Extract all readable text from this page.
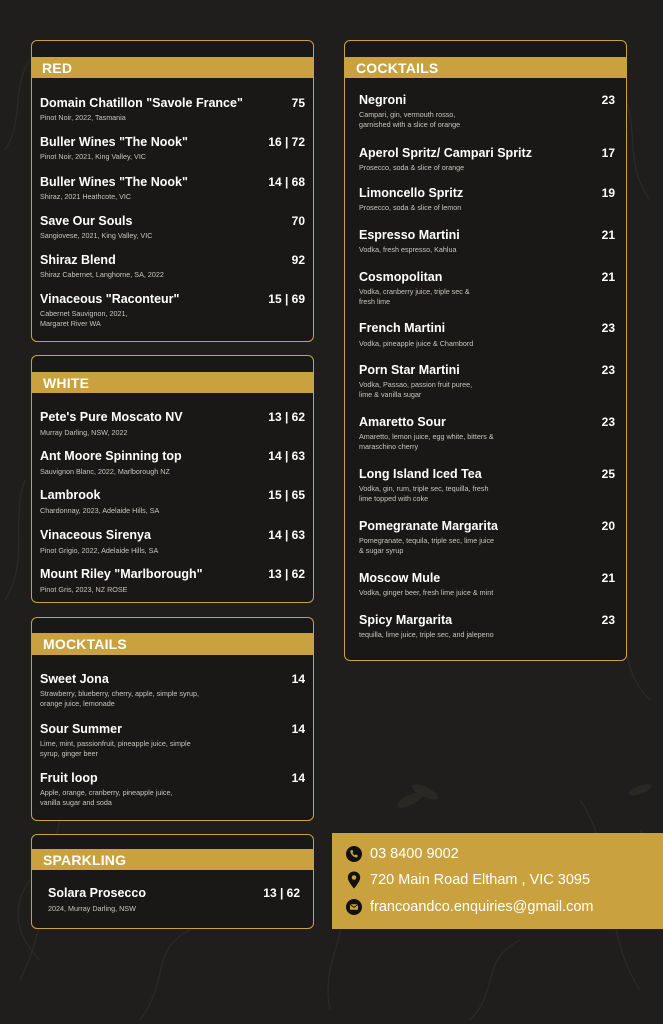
RED
Domain Chatillon "Savole France"
Pinot Noir, 2022, Tasmania
75
Buller Wines "The Nook"
Pinot Noir, 2021, King Valley, VIC
16 | 72
Buller Wines "The Nook"
Shiraz, 2021 Heathcote, VIC
14 | 68
Save Our Souls
Sangiovese, 2021, King Valley, VIC
70
Shiraz Blend
Shiraz Cabernet, Langhorne, SA, 2022
92
Vinaceous "Raconteur"
Cabernet Sauvignon, 2021,
Margaret River WA
15 | 69
WHITE
Pete's Pure Moscato NV
Murray Darling, NSW, 2022
13 | 62
Ant Moore Spinning top
Sauvignon Blanc, 2022, Marlborough NZ
14 | 63
Lambrook
Chardonnay, 2023, Adelaide Hills, SA
15 | 65
Vinaceous Sirenya
Pinot Grigio, 2022, Adelaide Hills, SA
14 | 63
Mount Riley "Marlborough"
Pinot Gris, 2023, NZ ROSE
13 | 62
MOCKTAILS
Sweet Jona
Strawberry, blueberry, cherry, apple, simple syrup,
orange juice, lemonade
14
Sour Summer
Lime, mint, passionfruit, pineapple juice, simple
syrup, ginger beer
14
Fruit loop
Apple, orange, cranberry, pineapple juice,
vanilla sugar and soda
14
SPARKLING
Solara Prosecco
2024, Murray Darling, NSW
13 | 62
COCKTAILS
Negroni
Campari, gin, vermouth rosso,
garnished with a slice of orange
23
Aperol Spritz/ Campari Spritz
Prosecco, soda & slice of orange
17
Limoncello Spritz
Prosecco, soda & slice of lemon
19
Espresso Martini
Vodka, fresh espresso, Kahlua
21
Cosmopolitan
Vodka, cranberry juice, triple sec &
fresh lime
21
French Martini
Vodka, pineapple juice & Chambord
23
Porn Star Martini
Vodka, Passao, passion fruit puree,
lime & vanilla sugar
23
Amaretto Sour
Amaretto, lemon juice, egg white, bitters &
maraschino cherry
23
Long Island Iced Tea
Vodka, gin, rum, triple sec, tequilla, fresh
lime topped with coke
25
Pomegranate Margarita
Pomegranate, tequila, triple sec, lime juice
& sugar syrup
20
Moscow Mule
Vodka, ginger beer, fresh lime juice & mint
21
Spicy Margarita
tequilla, lime juice, triple sec, and jalepeno
23
03 8400 9002
720 Main Road Eltham , VIC 3095
francoandco.enquiries@gmail.com
